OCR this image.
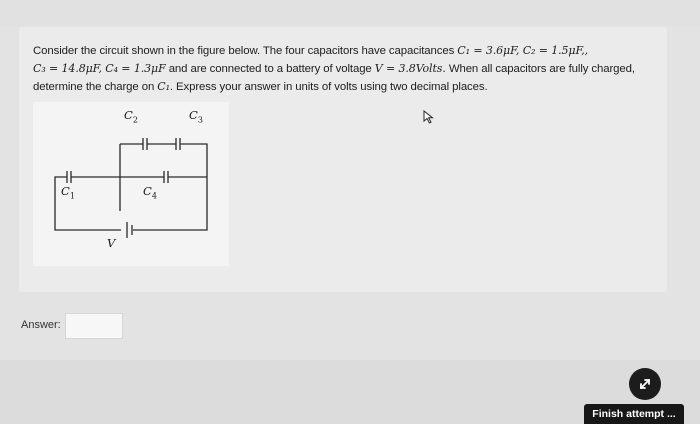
Consider the circuit shown in the figure below. The four capacitors have capacitances C₁ = 3.6μF, C₂ = 1.5μF,,
C₃ = 14.8μF, C₄ = 1.3μF and are connected to a battery of voltage V = 3.8Volts. When all capacitors are fully charged,
determine the charge on C₁. Express your answer in units of volts using two decimal places.
$C_2$	$C_3$
$C_1$	$C_4$
V
Answer:
Finish attempt ...
